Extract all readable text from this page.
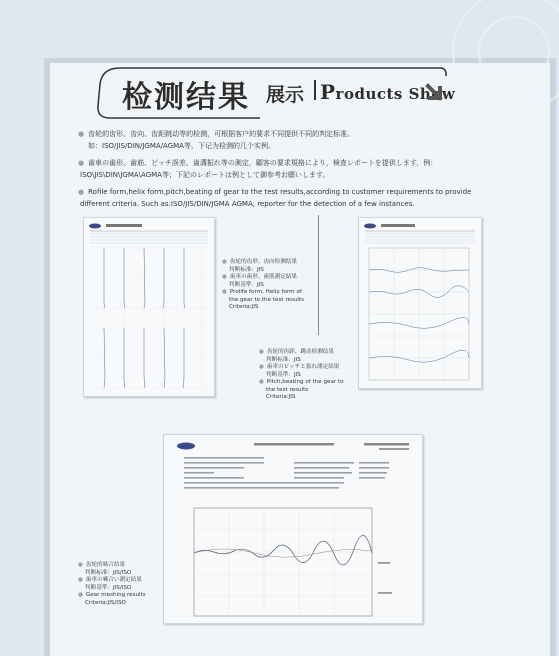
检测结果 展示 Products Show
● 齿轮的齿形、齿向、齿距跳动等的检测，可根据客户的要求不同提供不同的判定标准。
如：ISO/JIS/DIN/JGMA/AGMA等，下记为检测的几个实例。
● 歯車の歯形、歯筋、ピッチ誤差、歯溝振れ等の測定，顧客の要求規格により，検査レポートを提供します，例：
ISO\JIS\DIN\JGMA\AGMA等；下記のレポートは例として御参考お願いします。
● Rofile form,helix form,pitch,beating of gear to the test results,according to customer requirements to provide
different criteria. Such as:ISO/JIS/DIN/JGMA AGMA, reporter for the detection of a few instances.
● 齿轮的齿形、齿向检测结果
判断标准：JIS
● 歯車の歯形、歯筋測定結果
判断基準：JIS
● Prolife form, Helix form of
the gear to the test results
Criteria:JIS
● 齿轮的齿距、跳动检测结果
判断标准：JIS
● 歯車のピッチと振れ測定結果
判断基準：JIS
● Pitch,beating of the gear to
the test results
Criteria:JIS
● 齿轮的啮合结果
判断标准：JIS/ISO
● 歯車の噛合い測定結果
判断基準：JIS/ISO
● Gear meshing results
Criteria:JIS/ISO
